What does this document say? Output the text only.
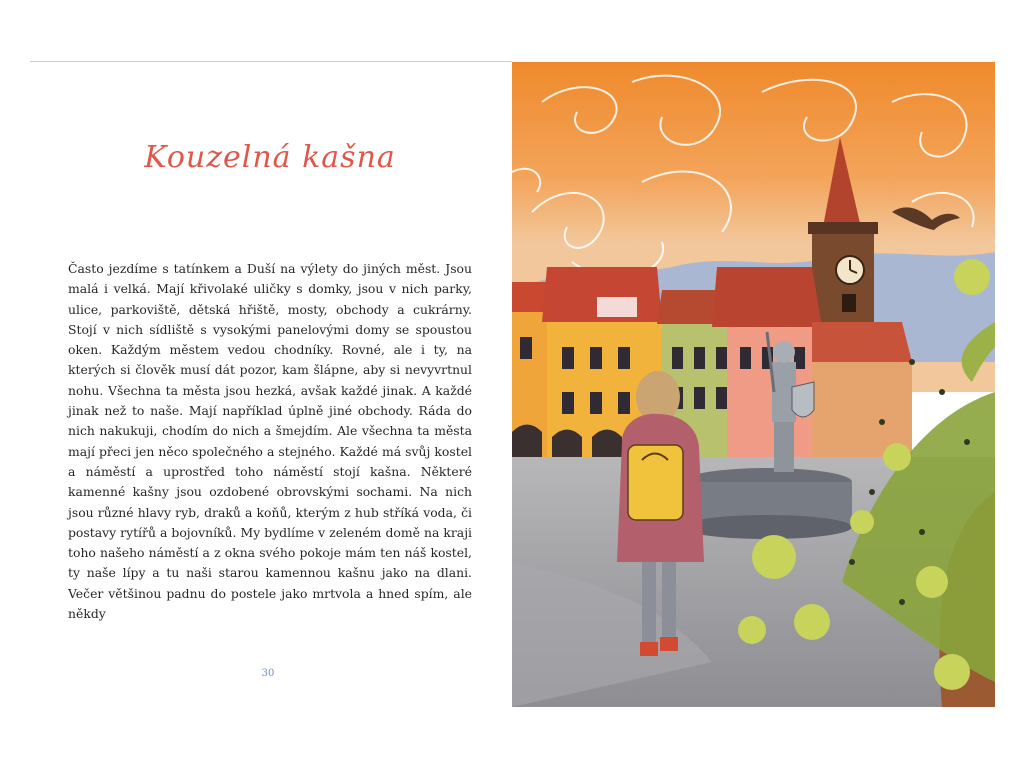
Kouzelná kašna

Často jezdíme s tatínkem a Duší na výlety do jiných měst. Jsou malá i velká. Mají křivolaké uličky s domky, jsou v nich parky, ulice, parkoviště, dětská hřiště, mosty, obchody a cukrárny. Stojí v nich sídliště s vysokými panelovými domy se spoustou oken. Každým městem vedou chodníky. Rovné, ale i ty, na kterých si člověk musí dát pozor, kam šlápne, aby si nevyvrtnul nohu. Všechna ta města jsou hezká, avšak každé jinak. A každé jinak než to naše. Mají například úplně jiné obchody. Ráda do nich nakukuji, chodím do nich a šmejdím. Ale všechna ta města mají přeci jen něco společného a stejného. Každé má svůj kostel a náměstí a uprostřed toho náměstí stojí kašna. Některé kamenné kašny jsou ozdobené obrovskými sochami. Na nich jsou různé hlavy ryb, draků a koňů, kterým z hub stříká voda, či postavy rytířů a bojovníků. My bydlíme v zeleném domě na kraji toho našeho náměstí a z okna svého pokoje mám ten náš kostel, ty naše lípy a tu naši starou kamennou kašnu jako na dlani. Večer většinou padnu do postele jako mrtvola a hned spím, ale někdy

30
